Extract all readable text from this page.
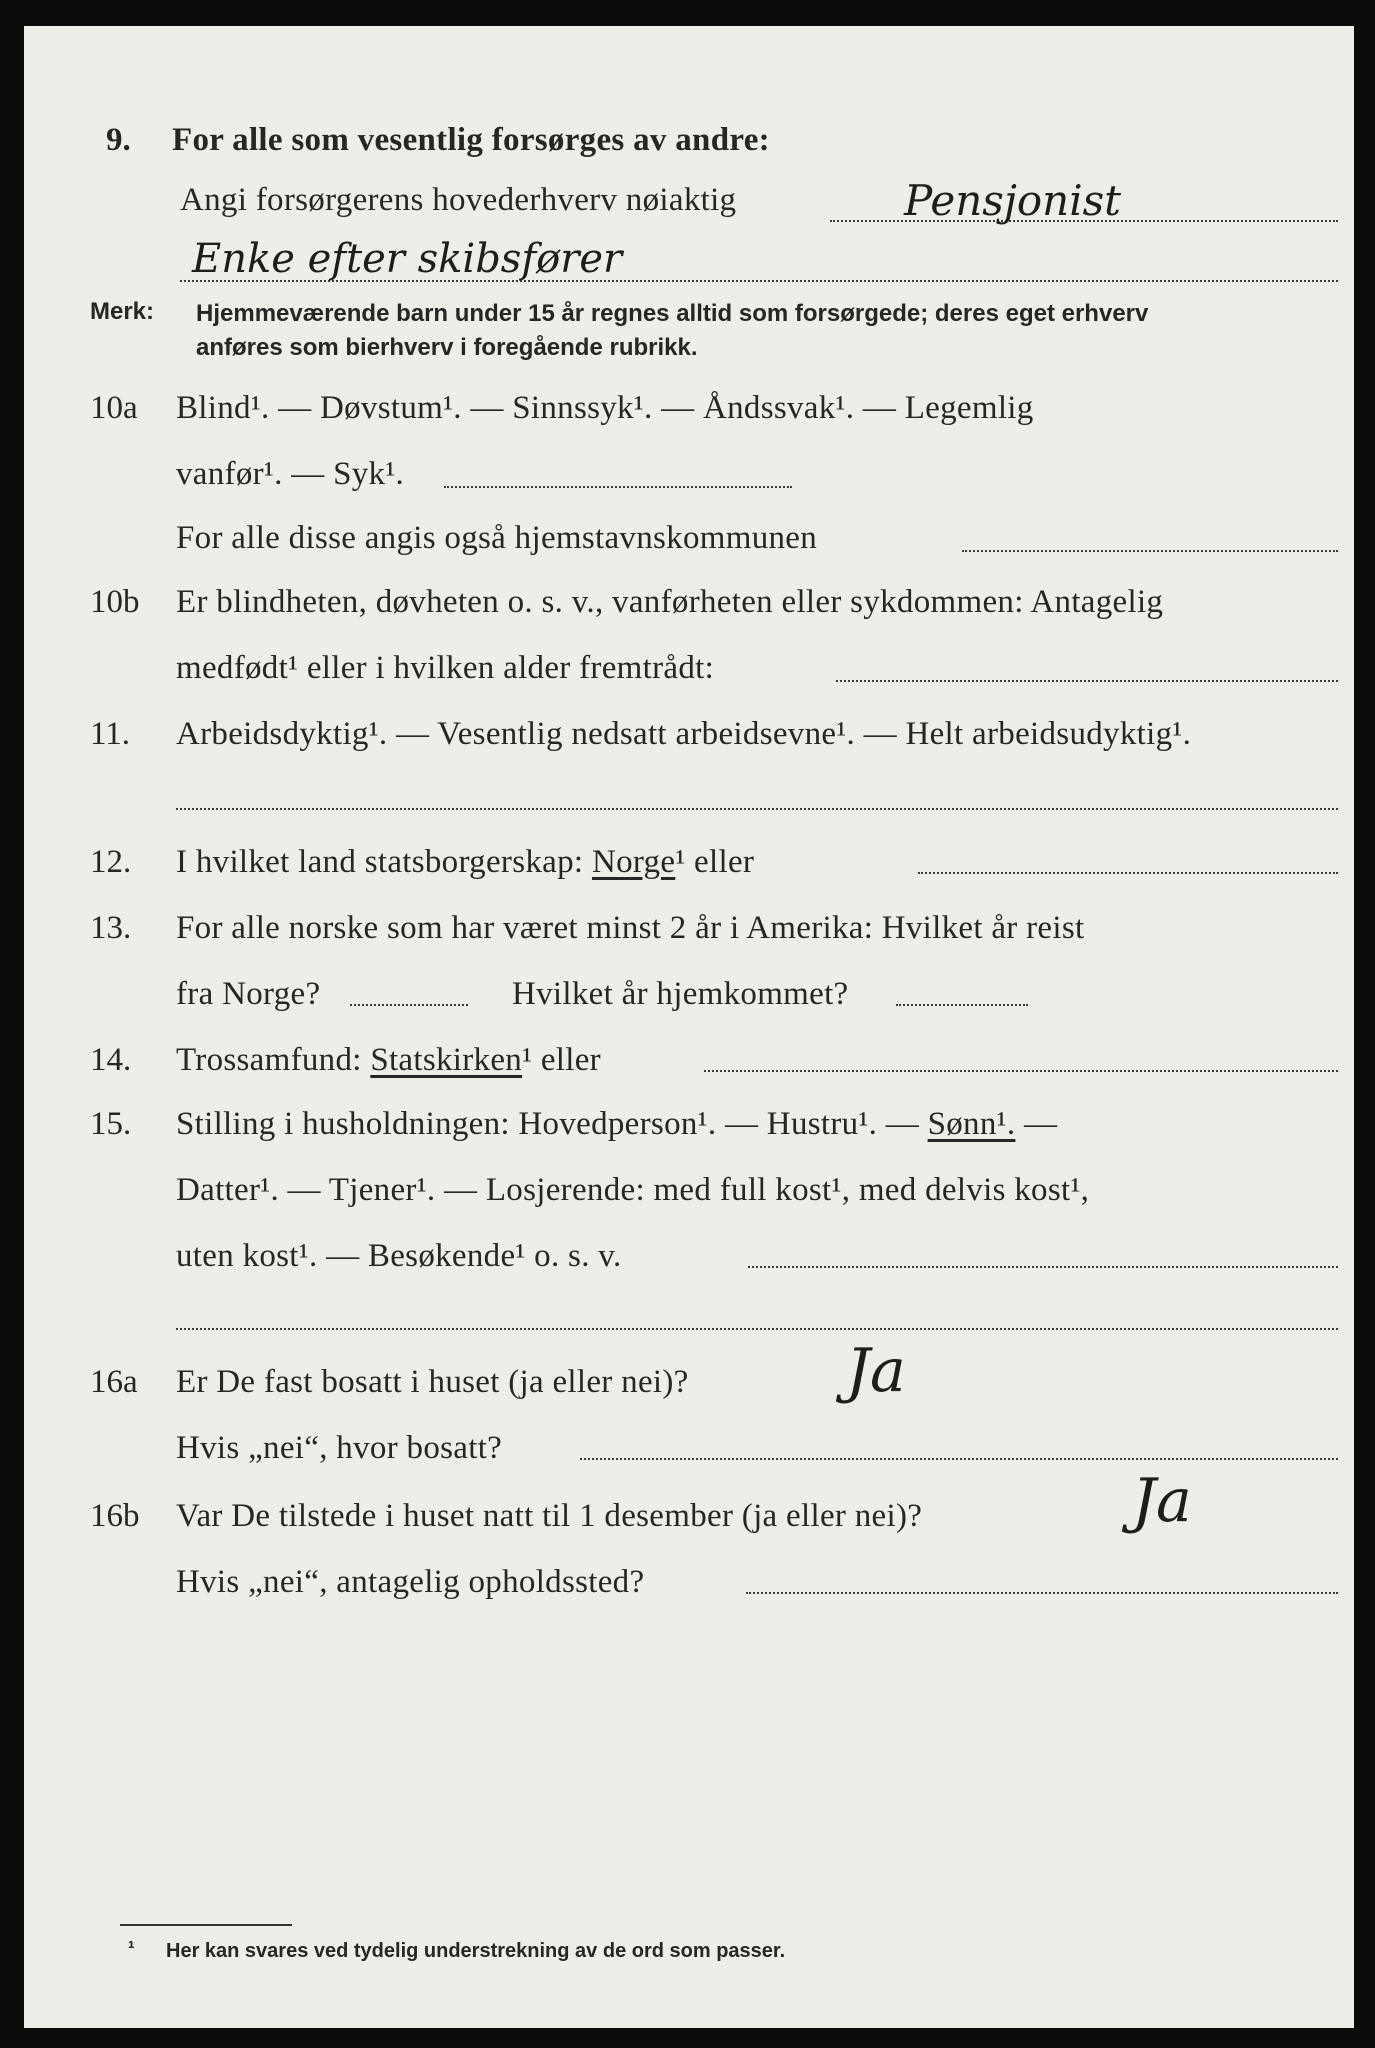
9. For alle som vesentlig forsørges av andre:
Angi forsørgerens hovederhverv nøiaktig	Pensjonist
Enke efter skibsfører
Merk: Hjemmeværende barn under 15 år regnes alltid som forsørgede; deres eget erhverv
anføres som bierhverv i foregående rubrikk.
10a Blind¹. — Døvstum¹. — Sinnssyk¹. — Åndssvak¹. — Legemlig
vanfør¹. — Syk¹.
For alle disse angis også hjemstavnskommunen
10b Er blindheten, døvheten o. s. v., vanførheten eller sykdommen: Antagelig
medfødt¹ eller i hvilken alder fremtrådt:
11. Arbeidsdyktig¹. — Vesentlig nedsatt arbeidsevne¹. — Helt arbeidsudyktig¹.
12. I hvilket land statsborgerskap: Norge¹ eller
13. For alle norske som har været minst 2 år i Amerika: Hvilket år reist
fra Norge?	Hvilket år hjemkommet?
14. Trossamfund: Statskirken¹ eller
15. Stilling i husholdningen: Hovedperson¹. — Hustru¹. — Sønn¹. —
Datter¹. — Tjener¹. — Losjerende: med full kost¹, med delvis kost¹,
uten kost¹. — Besøkende¹ o. s. v.
16a Er De fast bosatt i huset (ja eller nei)?	Ja
Hvis „nei“, hvor bosatt?
16b Var De tilstede i huset natt til 1 desember (ja eller nei)?	Ja
Hvis „nei“, antagelig opholdssted?
¹ Her kan svares ved tydelig understrekning av de ord som passer.
